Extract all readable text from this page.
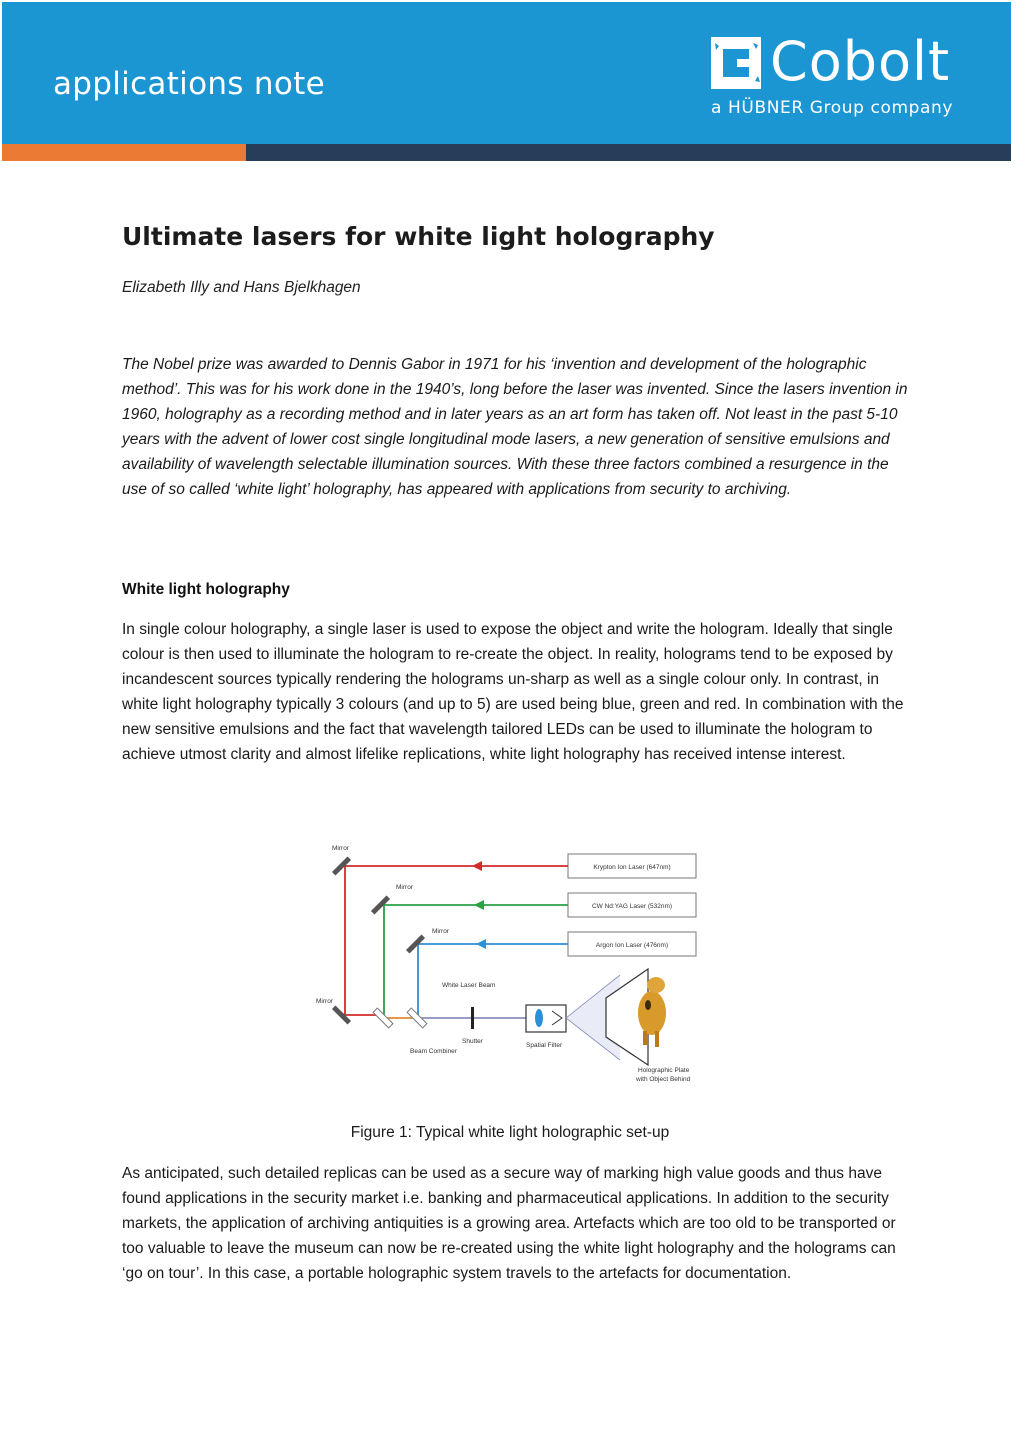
applications note	Cobolt
a HÜBNER Group company
Ultimate lasers for white light holography
Elizabeth Illy and Hans Bjelkhagen
The Nobel prize was awarded to Dennis Gabor in 1971 for his ‘invention and development of the holographic method’. This was for his work done in the 1940’s, long before the laser was invented. Since the lasers invention in 1960, holography as a recording method and in later years as an art form has taken off. Not least in the past 5-10 years with the advent of lower cost single longitudinal mode lasers, a new generation of sensitive emulsions and availability of wavelength selectable illumination sources. With these three factors combined a resurgence in the use of so called ‘white light’ holography, has appeared with applications from security to archiving.
White light holography
In single colour holography, a single laser is used to expose the object and write the hologram. Ideally that single colour is then used to illuminate the hologram to re-create the object. In reality, holograms tend to be exposed by incandescent sources typically rendering the holograms un-sharp as well as a single colour only. In contrast, in white light holography typically 3 colours (and up to 5) are used being blue, green and red. In combination with the new sensitive emulsions and the fact that wavelength tailored LEDs can be used to illuminate the hologram to achieve utmost clarity and almost lifelike replications, white light holography has received intense interest.
Krypton Ion Laser (647nm)
CW Nd:YAG Laser (532nm)
Argon Ion Laser (476nm)
Mirror
Mirror
Mirror
Mirror
White Laser Beam
Shutter
Beam Combiner
Spatial Filter
Holographic Plate
with Object Behind
Figure 1: Typical white light holographic set-up
As anticipated, such detailed replicas can be used as a secure way of marking high value goods and thus have found applications in the security market i.e. banking and pharmaceutical applications. In addition to the security markets, the application of archiving antiquities is a growing area. Artefacts which are too old to be transported or too valuable to leave the museum can now be re-created using the white light holography and the holograms can ‘go on tour’. In this case, a portable holographic system travels to the artefacts for documentation.
